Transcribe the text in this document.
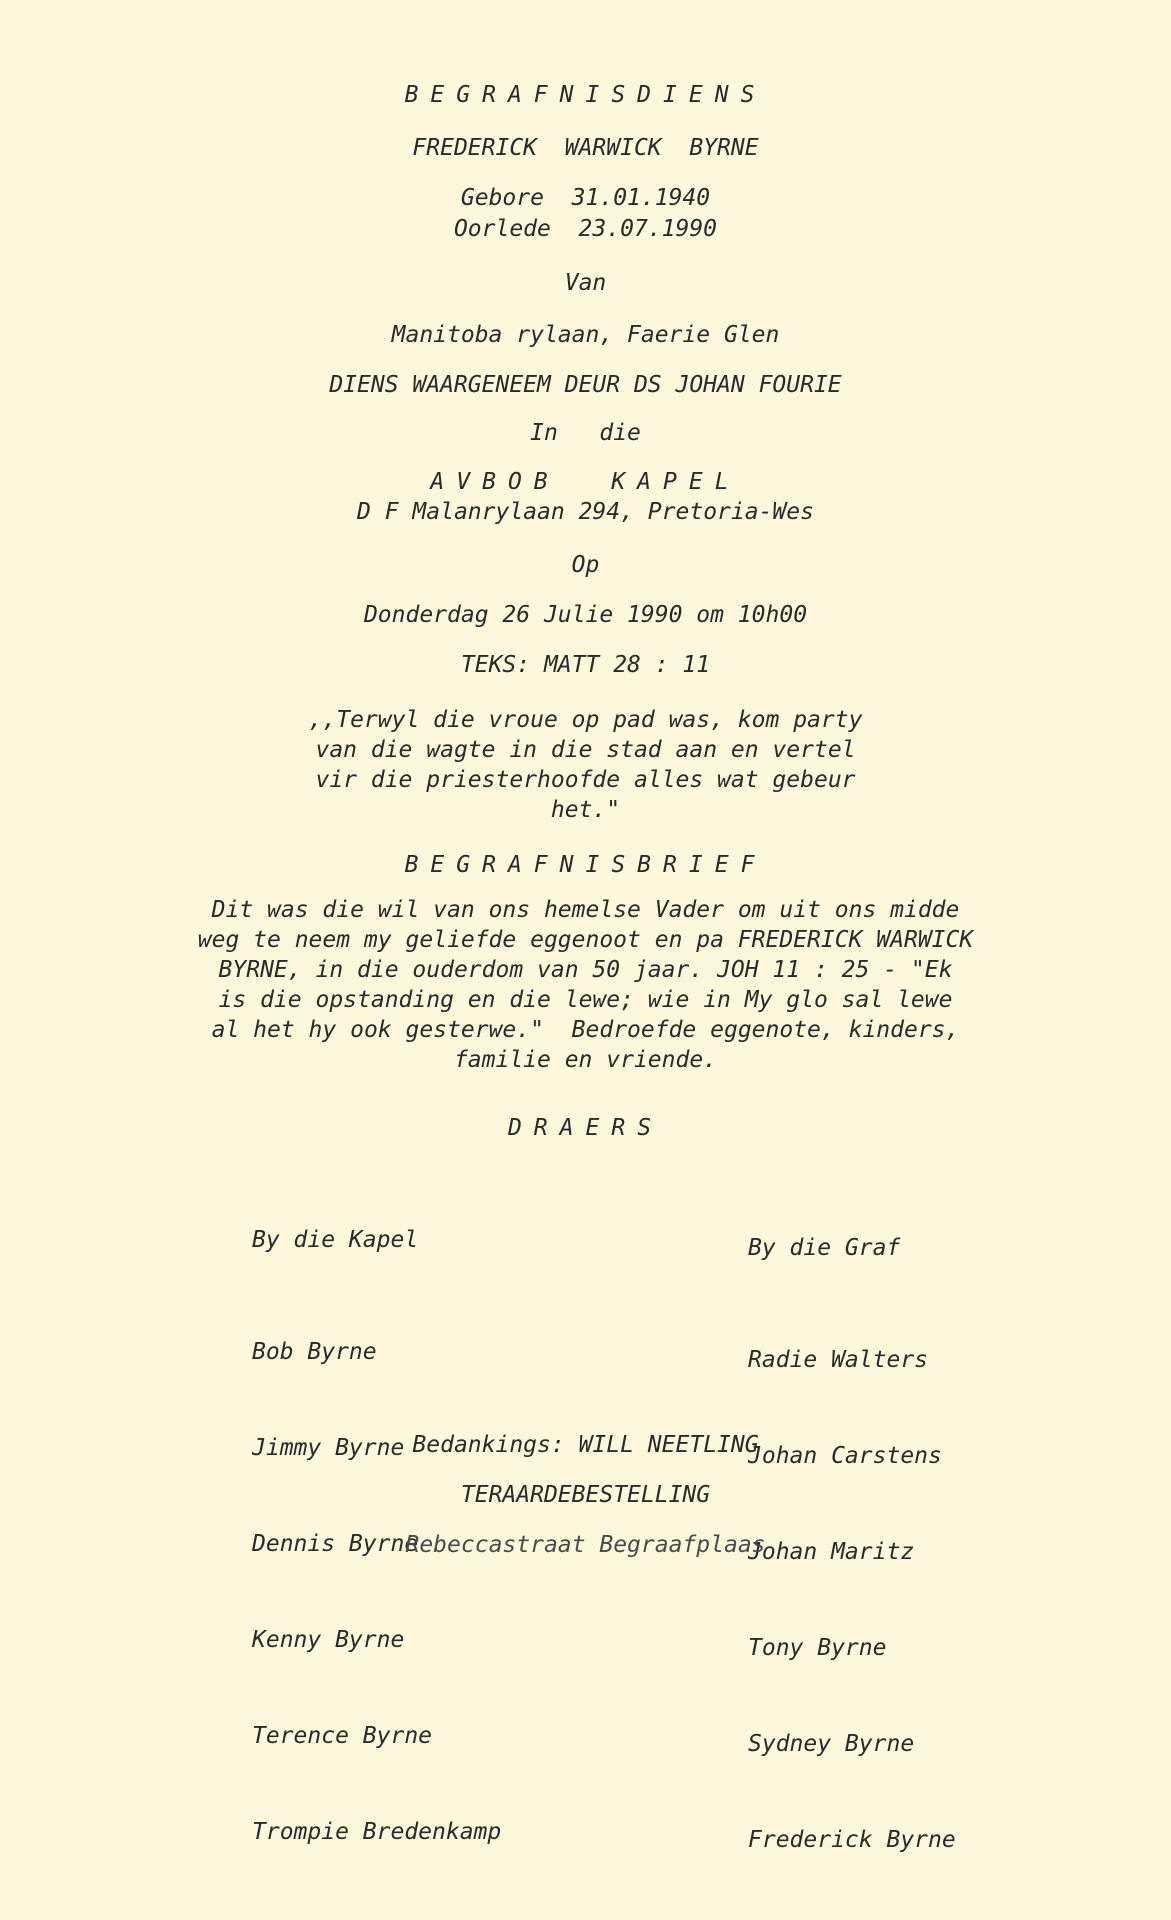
BEGRAFNISDIENS
FREDERICK  WARWICK  BYRNE
Gebore  31.01.1940
Oorlede  23.07.1990
Van
Manitoba rylaan, Faerie Glen
DIENS WAARGENEEM DEUR DS JOHAN FOURIE
In   die
AVBOB  KAPEL
D F Malanrylaan 294, Pretoria-Wes
Op
Donderdag 26 Julie 1990 om 10h00
TEKS: MATT 28 : 11
,,Terwyl die vroue op pad was, kom party
van die wagte in die stad aan en vertel
vir die priesterhoofde alles wat gebeur
het."
BEGRAFNISBRIEF
Dit was die wil van ons hemelse Vader om uit ons midde
weg te neem my geliefde eggenoot en pa FREDERICK WARWICK
BYRNE, in die ouderdom van 50 jaar. JOH 11 : 25 - "Ek
is die opstanding en die lewe; wie in My glo sal lewe
al het hy ook gesterwe."  Bedroefde eggenote, kinders,
familie en vriende.
DRAERS

By die Kapel

Bob Byrne

Jimmy Byrne

Dennis Byrne

Kenny Byrne

Terence Byrne

Trompie Bredenkamp

By die Graf

Radie Walters

Johan Carstens

Johan Maritz

Tony Byrne

Sydney Byrne

Frederick Byrne

Bedankings: WILL NEETLING
TERAARDEBESTELLING
Rebeccastraat Begraafplaas
